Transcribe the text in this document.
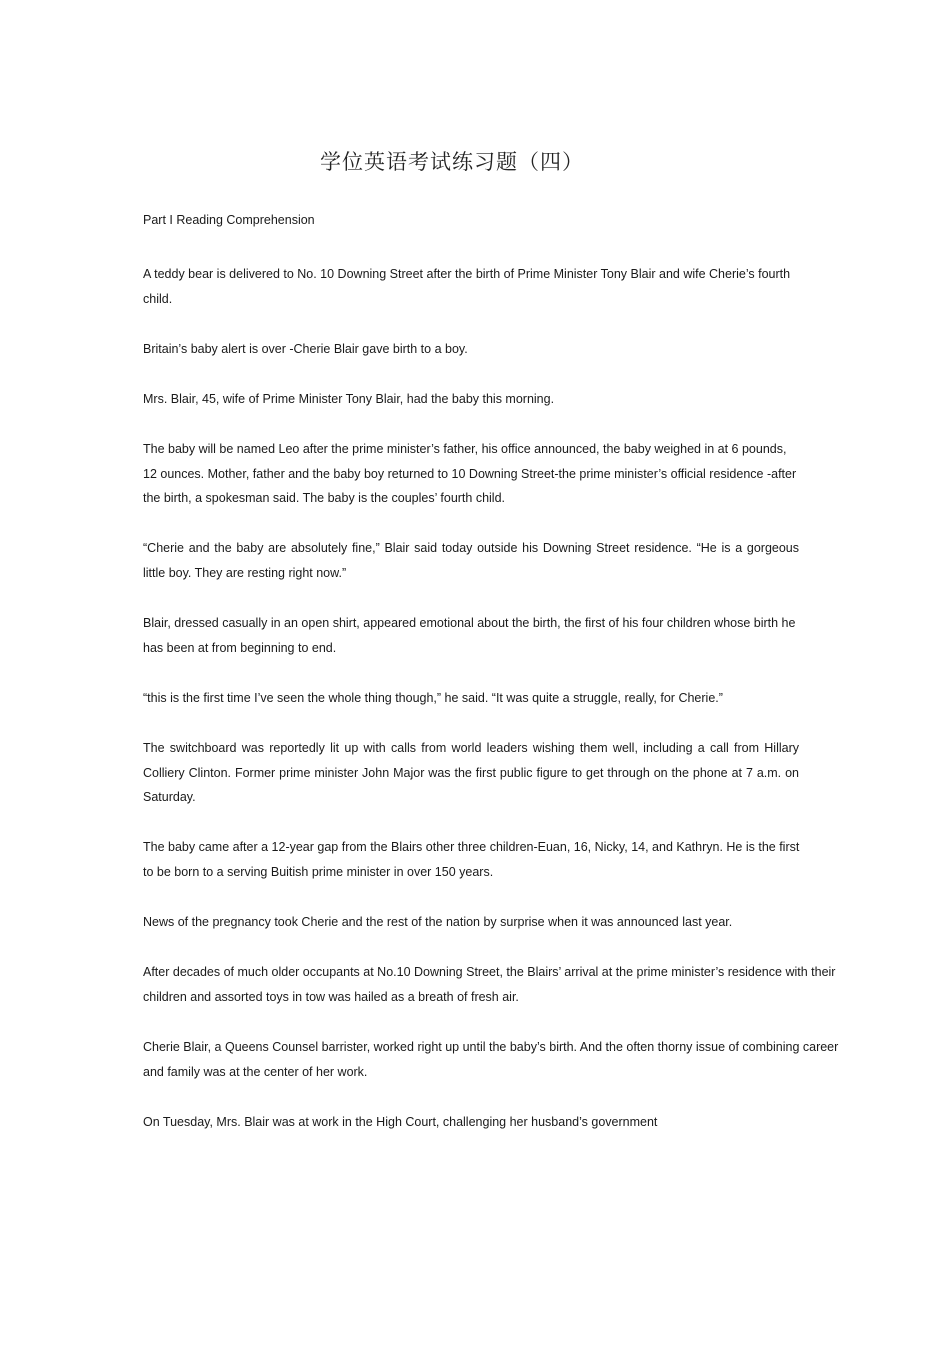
学位英语考试练习题（四）
Part I Reading Comprehension

A teddy bear is delivered to No. 10 Downing Street after the birth of Prime Minister Tony Blair and wife Cherie’s fourth child.

Britain’s baby alert is over -Cherie Blair gave birth to a boy.

Mrs. Blair, 45, wife of Prime Minister Tony Blair, had the baby this morning.

The baby will be named Leo after the prime minister’s father, his office announced, the baby weighed in at 6 pounds, 12 ounces. Mother, father and the baby boy returned to 10 Downing Street-the prime minister’s official residence -after the birth, a spokesman said. The baby is the couples’ fourth child.

“Cherie and the baby are absolutely fine,” Blair said today outside his Downing Street residence. “He is a gorgeous little boy. They are resting right now.”

Blair, dressed casually in an open shirt, appeared emotional about the birth, the first of his four children whose birth he has been at from beginning to end.

“this is the first time I’ve seen the whole thing though,” he said. “It was quite a struggle, really, for Cherie.”

The switchboard was reportedly lit up with calls from world leaders wishing them well, including a call from Hillary Colliery Clinton. Former prime minister John Major was the first public figure to get through on the phone at 7 a.m. on Saturday.

The baby came after a 12-year gap from the Blairs other three children-Euan, 16, Nicky, 14, and Kathryn. He is the first to be born to a serving Buitish prime minister in over 150 years.

News of the pregnancy took Cherie and the rest of the nation by surprise when it was announced last year.

After decades of much older occupants at No.10 Downing Street, the Blairs’ arrival at the prime minister’s residence with their children and assorted toys in tow was hailed as a breath of fresh air.

Cherie Blair, a Queens Counsel barrister, worked right up until the baby’s birth. And the often thorny issue of combining career and family was at the center of her work.

On Tuesday, Mrs. Blair was at work in the High Court, challenging her husband’s government
